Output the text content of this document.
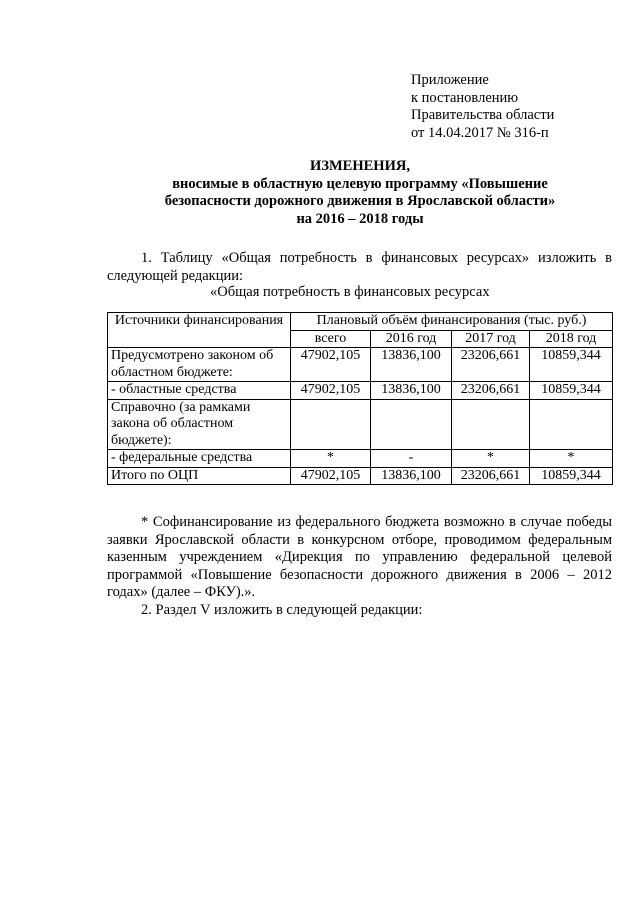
Приложение
к постановлению
Правительства области
от 14.04.2017 № 316-п
ИЗМЕНЕНИЯ,
вносимые в областную целевую программу «Повышение
безопасности дорожного движения в Ярославской области»
на 2016 – 2018 годы
1. Таблицу «Общая потребность в финансовых ресурсах» изложить в следующей редакции:
«Общая потребность в финансовых ресурсах
Источники финансирования	Плановый объём финансирования (тыс. руб.)			
	всего	2016 год	2017 год	2018 год
Предусмотрено законом об областном бюджете:	47902,105	13836,100	23206,661	10859,344
- областные средства	47902,105	13836,100	23206,661	10859,344
Справочно (за рамками закона об областном бюджете):				
- федеральные средства	*	-	*	*
Итого по ОЦП	47902,105	13836,100	23206,661	10859,344
* Софинансирование из федерального бюджета возможно в случае победы заявки Ярославской области в конкурсном отборе, проводимом федеральным казенным учреждением «Дирекция по управлению федеральной целевой программой «Повышение безопасности дорожного движения в 2006 – 2012 годах» (далее – ФКУ).».
2. Раздел V изложить в следующей редакции:
